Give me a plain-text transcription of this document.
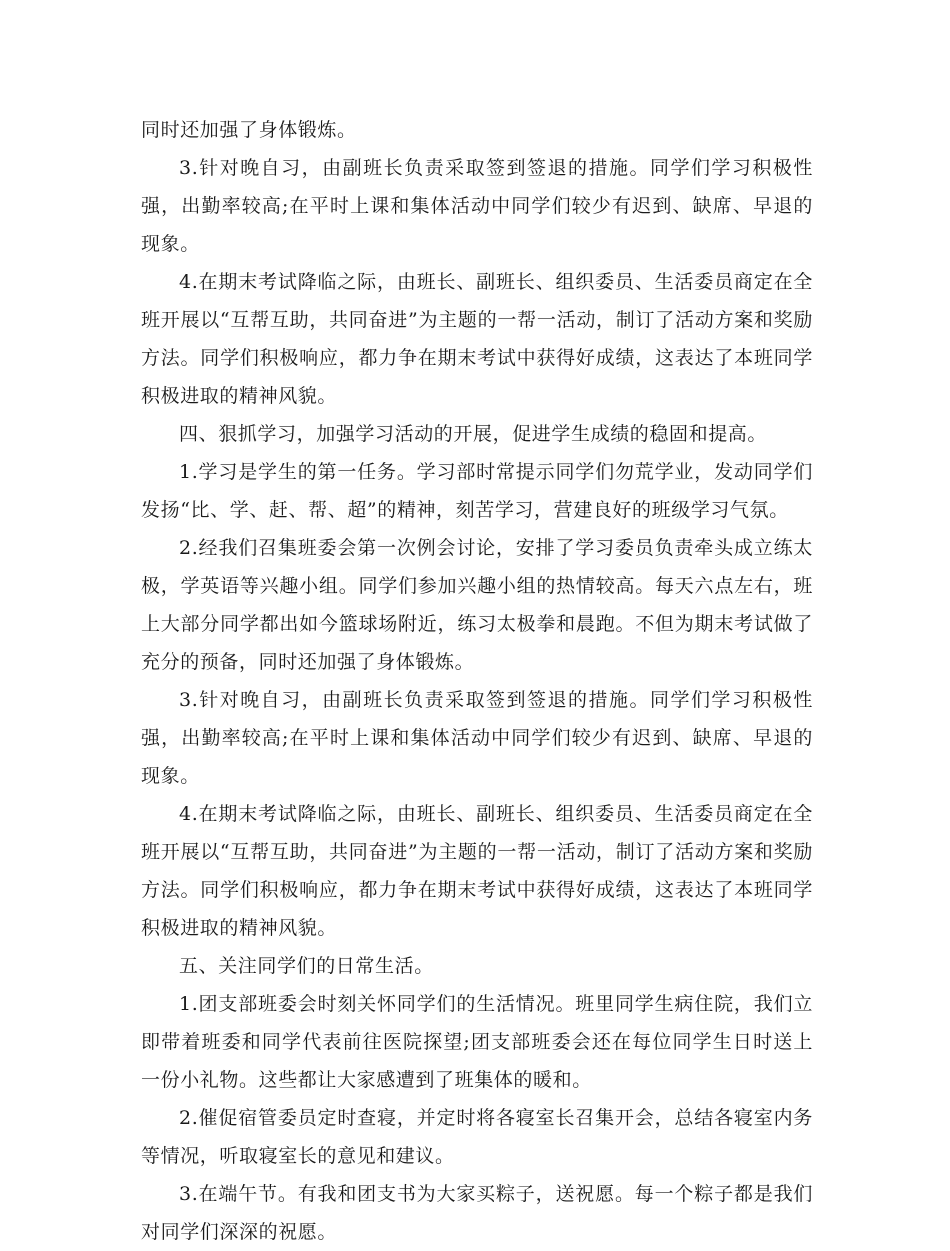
同时还加强了身体锻炼。

3.针对晚自习，由副班长负责采取签到签退的措施。同学们学习积极性强，出勤率较高;在平时上课和集体活动中同学们较少有迟到、缺席、早退的现象。

4.在期末考试降临之际，由班长、副班长、组织委员、生活委员商定在全班开展以“互帮互助，共同奋进”为主题的一帮一活动，制订了活动方案和奖励方法。同学们积极响应，都力争在期末考试中获得好成绩，这表达了本班同学积极进取的精神风貌。

四、狠抓学习，加强学习活动的开展，促进学生成绩的稳固和提高。

1.学习是学生的第一任务。学习部时常提示同学们勿荒学业，发动同学们发扬“比、学、赶、帮、超”的精神，刻苦学习，营建良好的班级学习气氛。

2.经我们召集班委会第一次例会讨论，安排了学习委员负责牵头成立练太极，学英语等兴趣小组。同学们参加兴趣小组的热情较高。每天六点左右，班上大部分同学都出如今篮球场附近，练习太极拳和晨跑。不但为期末考试做了充分的预备，同时还加强了身体锻炼。

3.针对晚自习，由副班长负责采取签到签退的措施。同学们学习积极性强，出勤率较高;在平时上课和集体活动中同学们较少有迟到、缺席、早退的现象。

4.在期末考试降临之际，由班长、副班长、组织委员、生活委员商定在全班开展以“互帮互助，共同奋进”为主题的一帮一活动，制订了活动方案和奖励方法。同学们积极响应，都力争在期末考试中获得好成绩，这表达了本班同学积极进取的精神风貌。

五、关注同学们的日常生活。

1.团支部班委会时刻关怀同学们的生活情况。班里同学生病住院，我们立即带着班委和同学代表前往医院探望;团支部班委会还在每位同学生日时送上一份小礼物。这些都让大家感遭到了班集体的暖和。

2.催促宿管委员定时查寝，并定时将各寝室长召集开会，总结各寝室内务等情况，听取寝室长的意见和建议。

3.在端午节。有我和团支书为大家买粽子，送祝愿。每一个粽子都是我们对同学们深深的祝愿。
